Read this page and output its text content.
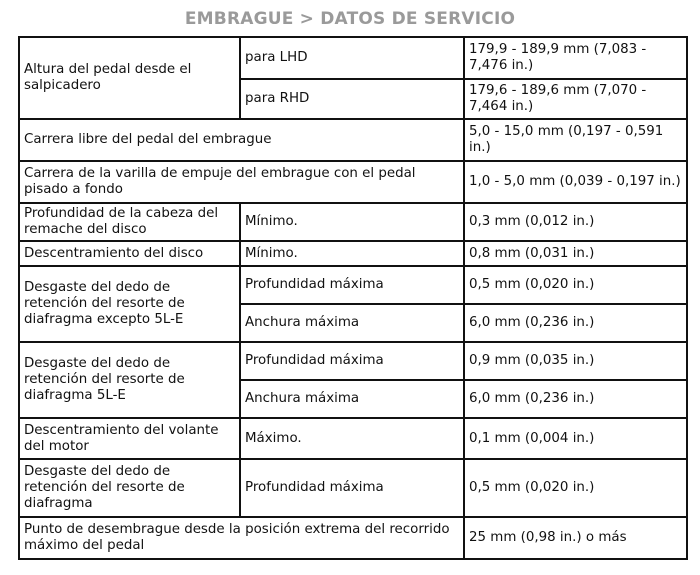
EMBRAGUE > DATOS DE SERVICIO
Altura del pedal desde el salpicadero	para LHD	179,9 - 189,9 mm (7,083 - 7,476 in.)
	para RHD	179,6 - 189,6 mm (7,070 - 7,464 in.)
Carrera libre del pedal del embrague		5,0 - 15,0 mm (0,197 - 0,591 in.)
Carrera de la varilla de empuje del embrague con el pedal pisado a fondo		1,0 - 5,0 mm (0,039 - 0,197 in.)
Profundidad de la cabeza del remache del disco	Mínimo.	0,3 mm (0,012 in.)
Descentramiento del disco	Mínimo.	0,8 mm (0,031 in.)
Desgaste del dedo de retención del resorte de diafragma excepto 5L-E	Profundidad máxima	0,5 mm (0,020 in.)
	Anchura máxima	6,0 mm (0,236 in.)
Desgaste del dedo de retención del resorte de diafragma 5L-E	Profundidad máxima	0,9 mm (0,035 in.)
	Anchura máxima	6,0 mm (0,236 in.)
Descentramiento del volante del motor	Máximo.	0,1 mm (0,004 in.)
Desgaste del dedo de retención del resorte de diafragma	Profundidad máxima	0,5 mm (0,020 in.)
Punto de desembrague desde la posición extrema del recorrido máximo del pedal		25 mm (0,98 in.) o más
